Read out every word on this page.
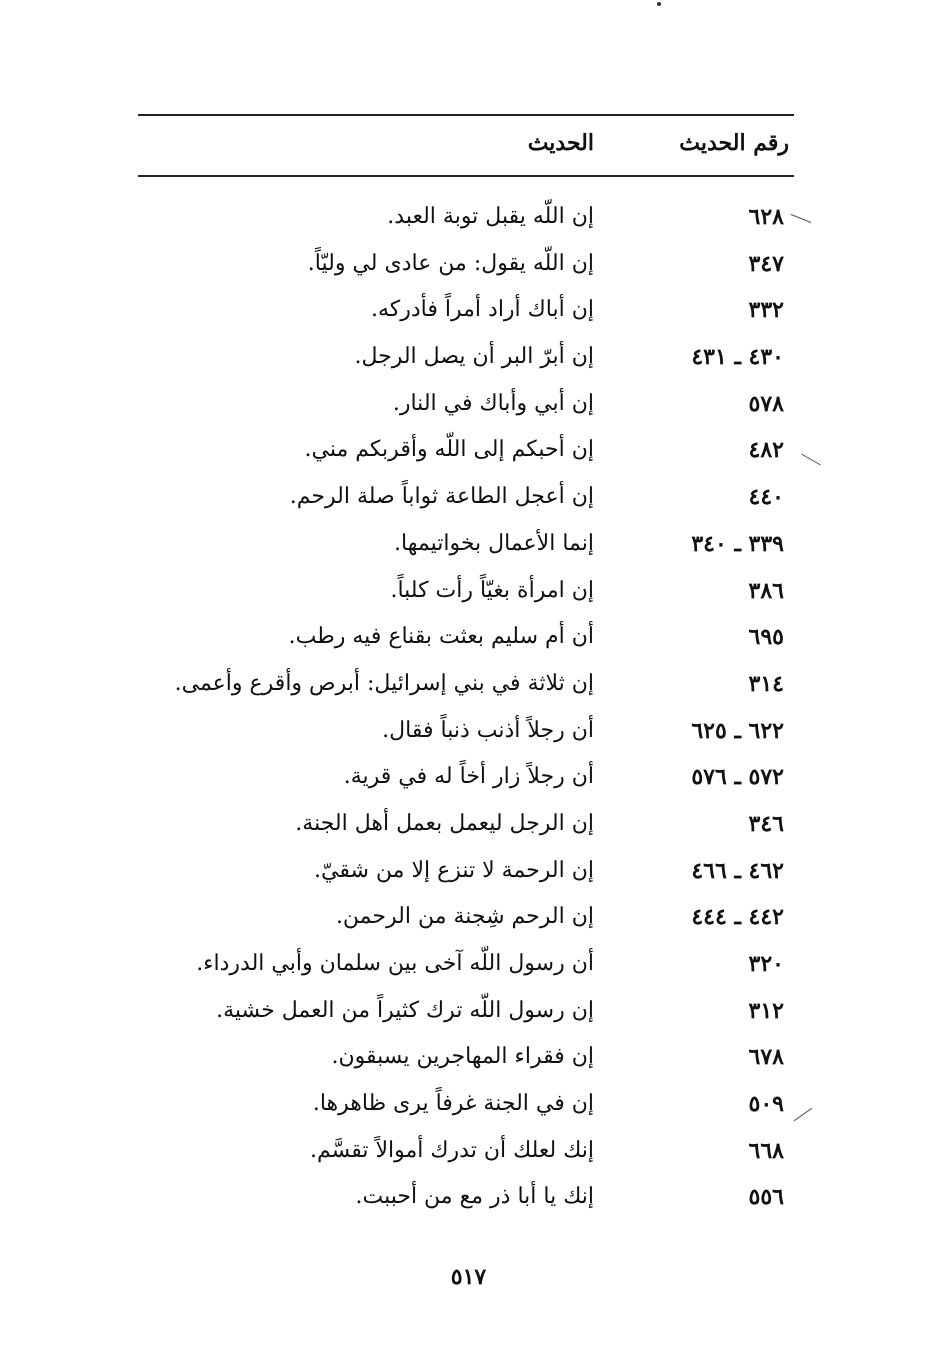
رقم الحديث
الحديث
٦٢٨
إن اللّه يقبل توبة العبد.
٣٤٧
إن اللّه يقول: من عادى لي وليّاً.
٣٣٢
إن أباك أراد أمراً فأدركه.
٤٣٠ ـ ٤٣١
إن أبرّ البر أن يصل الرجل.
٥٧٨
إن أبي وأباك في النار.
٤٨٢
إن أحبكم إلى اللّه وأقربكم مني.
٤٤٠
إن أعجل الطاعة ثواباً صلة الرحم.
٣٣٩ ـ ٣٤٠
إنما الأعمال بخواتيمها.
٣٨٦
إن امرأة بغيّاً رأت كلباً.
٦٩٥
أن أم سليم بعثت بقناع فيه رطب.
٣١٤
إن ثلاثة في بني إسرائيل: أبرص وأقرع وأعمى.
٦٢٢ ـ ٦٢٥
أن رجلاً أذنب ذنباً فقال.
٥٧٢ ـ ٥٧٦
أن رجلاً زار أخاً له في قرية.
٣٤٦
إن الرجل ليعمل بعمل أهل الجنة.
٤٦٢ ـ ٤٦٦
إن الرحمة لا تنزع إلا من شقيّ.
٤٤٢ ـ ٤٤٤
إن الرحم شِجنة من الرحمن.
٣٢٠
أن رسول اللّه آخى بين سلمان وأبي الدرداء.
٣١٢
إن رسول اللّه ترك كثيراً من العمل خشية.
٦٧٨
إن فقراء المهاجرين يسبقون.
٥٠٩
إن في الجنة غرفاً يرى ظاهرها.
٦٦٨
إنك لعلك أن تدرك أموالاً تقسَّم.
٥٥٦
إنك يا أبا ذر مع من أحببت.
٥١٧
